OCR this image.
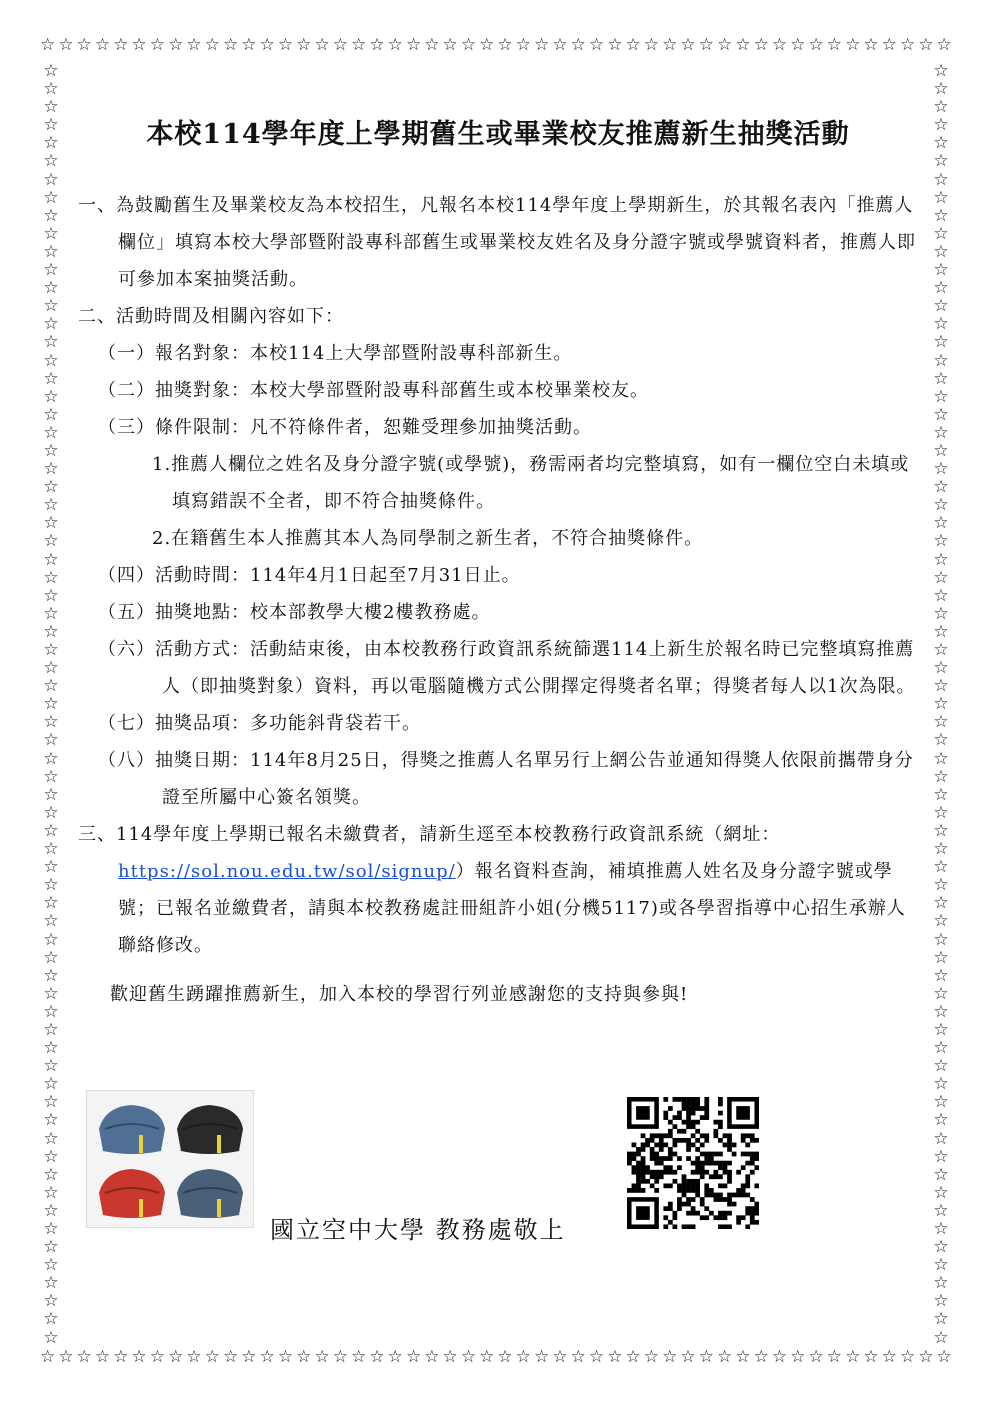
☆ ☆ ☆ ☆ ☆ ☆ ☆ ☆ ☆ ☆ ☆ ☆ ☆ ☆ ☆ ☆ ☆ ☆ ☆ ☆ ☆ ☆ ☆ ☆ ☆ ☆ ☆ ☆ ☆ ☆ ☆ ☆ ☆ ☆ ☆ ☆ ☆ ☆ ☆ ☆ ☆ ☆ ☆ ☆ ☆ ☆ ☆ ☆ ☆ ☆
☆ ☆ ☆ ☆ ☆ ☆ ☆ ☆ ☆ ☆ ☆ ☆ ☆ ☆ ☆ ☆ ☆ ☆ ☆ ☆ ☆ ☆ ☆ ☆ ☆ ☆ ☆ ☆ ☆ ☆ ☆ ☆ ☆ ☆ ☆ ☆ ☆ ☆ ☆ ☆ ☆ ☆ ☆ ☆ ☆ ☆ ☆ ☆ ☆ ☆
☆
☆
☆
☆
☆
☆
☆
☆
☆
☆
☆
☆
☆
☆
☆
☆
☆
☆
☆
☆
☆
☆
☆
☆
☆
☆
☆
☆
☆
☆
☆
☆
☆
☆
☆
☆
☆
☆
☆
☆
☆
☆
☆
☆
☆
☆
☆
☆
☆
☆
☆
☆
☆
☆
☆
☆
☆
☆
☆
☆
☆
☆
☆
☆
☆
☆
☆
☆
☆
☆
☆
☆
☆
☆
☆
☆
☆
☆
☆
☆
☆
☆
☆
☆
☆
☆
☆
☆
☆
☆
☆
☆
☆
☆
☆
☆
☆
☆
☆
☆
☆
☆
☆
☆
☆
☆
☆
☆
☆
☆
☆
☆
☆
☆
☆
☆
☆
☆
☆
☆
☆
☆
☆
☆
☆
☆
☆
☆
☆
☆
☆
☆
☆
☆
☆
☆
☆
☆
☆
☆
☆
☆
本校114學年度上學期舊生或畢業校友推薦新生抽獎活動

一、為鼓勵舊生及畢業校友為本校招生，凡報名本校114學年度上學期新生，於其報名表內「推薦人欄位」填寫本校大學部暨附設專科部舊生或畢業校友姓名及身分證字號或學號資料者，推薦人即可參加本案抽獎活動。

二、活動時間及相關內容如下：

（一）報名對象：本校114上大學部暨附設專科部新生。

（二）抽獎對象：本校大學部暨附設專科部舊生或本校畢業校友。

（三）條件限制：凡不符條件者，恕難受理參加抽獎活動。

1.推薦人欄位之姓名及身分證字號(或學號)，務需兩者均完整填寫，如有一欄位空白未填或填寫錯誤不全者，即不符合抽獎條件。

2.在籍舊生本人推薦其本人為同學制之新生者，不符合抽獎條件。

（四）活動時間：114年4月1日起至7月31日止。

（五）抽獎地點：校本部教學大樓2樓教務處。

（六）活動方式：活動結束後，由本校教務行政資訊系統篩選114上新生於報名時已完整填寫推薦人（即抽獎對象）資料，再以電腦隨機方式公開擇定得獎者名單；得獎者每人以1次為限。

（七）抽獎品項：多功能斜背袋若干。

（八）抽獎日期：114年8月25日，得獎之推薦人名單另行上網公告並通知得獎人依限前攜帶身分證至所屬中心簽名領獎。

三、114學年度上學期已報名未繳費者，請新生逕至本校教務行政資訊系統（網址：https://sol.nou.edu.tw/sol/signup/）報名資料查詢，補填推薦人姓名及身分證字號或學號；已報名並繳費者，請與本校教務處註冊組許小姐(分機5117)或各學習指導中心招生承辦人聯絡修改。

歡迎舊生踴躍推薦新生，加入本校的學習行列並感謝您的支持與參與!

國立空中大學 教務處敬上
